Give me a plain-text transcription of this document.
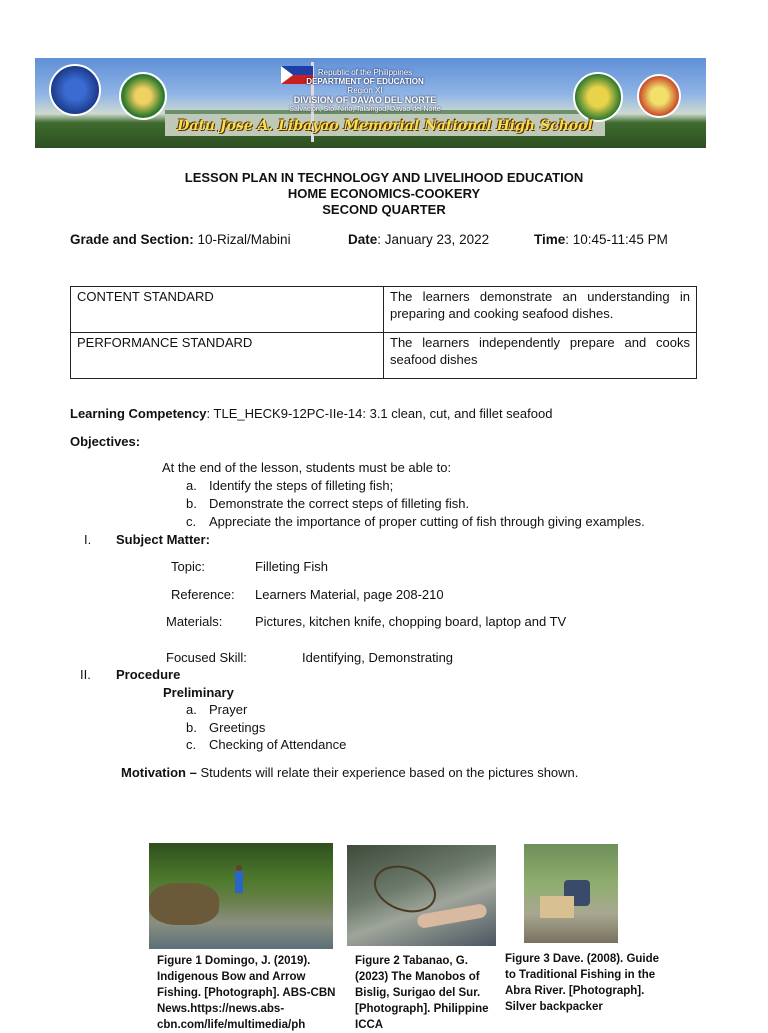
Republic of the Philippines
DEPARTMENT OF EDUCATION
Region XI
DIVISION OF DAVAO DEL NORTE
Salvacion, Sto. Niño, Talaingod, Davao del Norte
Datu Jose A. Libayao Memorial National High School
LESSON PLAN IN TECHNOLOGY AND LIVELIHOOD EDUCATION
HOME ECONOMICS-COOKERY
SECOND QUARTER
Grade and Section: 10-Rizal/Mabini	Date: January 23, 2022	Time: 10:45-11:45 PM
CONTENT STANDARD	The learners demonstrate an understanding in preparing and cooking seafood dishes.
PERFORMANCE STANDARD	The learners independently prepare and cooks seafood dishes
Learning Competency: TLE_HECK9-12PC-IIe-14: 3.1 clean, cut, and fillet seafood
Objectives:
At the end of the lesson, students must be able to:
a. Identify the steps of filleting fish;
b. Demonstrate the correct steps of filleting fish.
c. Appreciate the importance of proper cutting of fish through giving examples.
I. Subject Matter:
Topic:	Filleting Fish
Reference: Learners Material, page 208-210
Materials:	Pictures, kitchen knife, chopping board, laptop and TV
Focused Skill:	Identifying, Demonstrating
II. Procedure
Preliminary
a. Prayer
b. Greetings
c. Checking of Attendance
Motivation – Students will relate their experience based on the pictures shown.
Figure 1 Domingo, J. (2019). Indigenous Bow and Arrow Fishing. [Photograph]. ABS-CBN News.https://news.abs-cbn.com/life/multimedia/ph
Figure 2 Tabanao, G. (2023) The Manobos of Bislig, Surigao del Sur. [Photograph]. Philippine ICCA
Figure 3 Dave. (2008). Guide to Traditional Fishing in the Abra River. [Photograph]. Silver backpacker
